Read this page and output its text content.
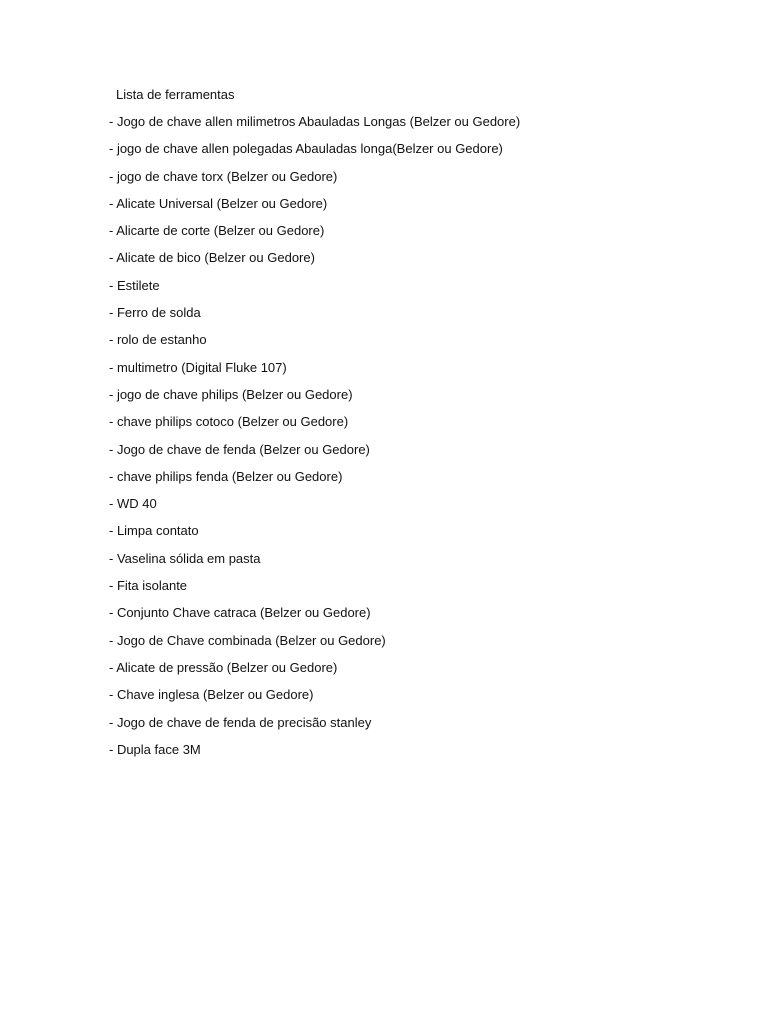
Lista de ferramentas
- Jogo de chave allen milimetros Abauladas Longas (Belzer ou Gedore)
- jogo de chave allen polegadas Abauladas longa(Belzer ou Gedore)
- jogo de chave torx (Belzer ou Gedore)
- Alicate Universal (Belzer ou Gedore)
- Alicarte de corte (Belzer ou Gedore)
- Alicate de bico (Belzer ou Gedore)
- Estilete
- Ferro de solda
- rolo de estanho
- multimetro (Digital Fluke 107)
- jogo de chave philips (Belzer ou Gedore)
- chave philips cotoco (Belzer ou Gedore)
- Jogo de chave de fenda (Belzer ou Gedore)
- chave philips fenda (Belzer ou Gedore)
- WD 40
- Limpa contato
- Vaselina sólida em pasta
- Fita isolante
- Conjunto Chave catraca (Belzer ou Gedore)
- Jogo de Chave combinada (Belzer ou Gedore)
- Alicate de pressão (Belzer ou Gedore)
- Chave inglesa (Belzer ou Gedore)
- Jogo de chave de fenda de precisão stanley
- Dupla face 3M
